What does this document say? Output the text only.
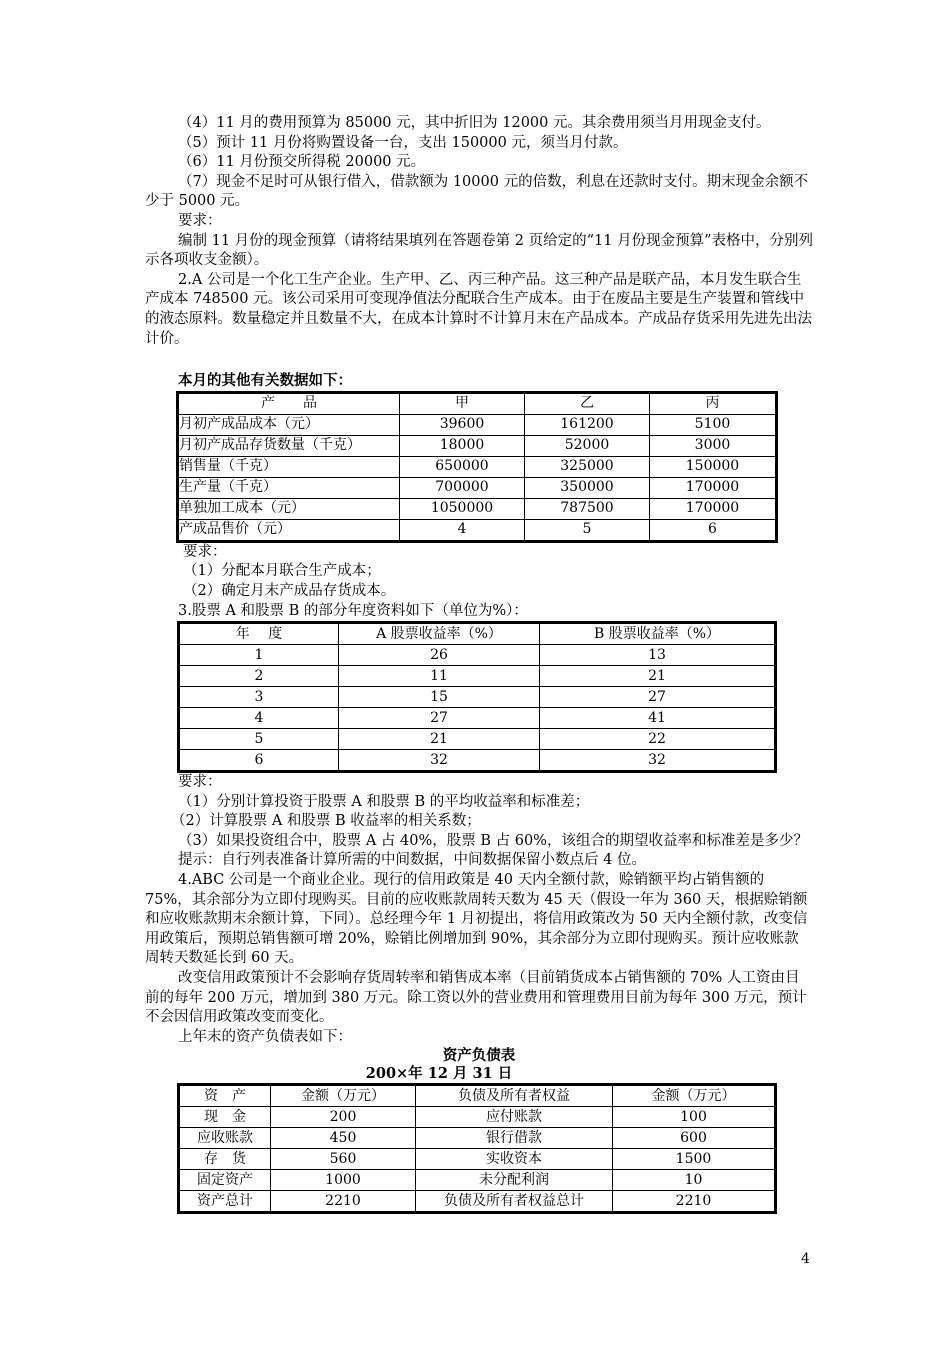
（4）11 月的费用预算为 85000 元，其中折旧为 12000 元。其余费用须当月用现金支付。

（5）预计 11 月份将购置设备一台，支出 150000 元，须当月付款。

（6）11 月份预交所得税 20000 元。

（7）现金不足时可从银行借入，借款额为 10000 元的倍数，利息在还款时支付。期末现金余额不少于 5000 元。

要求：

编制 11 月份的现金预算（请将结果填列在答题卷第 2 页给定的“11 月份现金预算”表格中，分别列示各项收支金额）。

2.A 公司是一个化工生产企业。生产甲、乙、丙三种产品。这三种产品是联产品，本月发生联合生产成本 748500 元。该公司采用可变现净值法分配联合生产成本。由于在废品主要是生产装置和管线中的液态原料。数量稳定并且数量不大，在成本计算时不计算月末在产品成本。产成品存货采用先进先出法计价。

本月的其他有关数据如下：

产　　品	甲	乙	丙
月初产成品成本（元）	39600	161200	5100
月初产成品存货数量（千克）	18000	52000	3000
销售量（千克）	650000	325000	150000
生产量（千克）	700000	350000	170000
单独加工成本（元）	1050000	787500	170000
产成品售价（元）	4	5	6

要求：

（1）分配本月联合生产成本；

（2）确定月末产成品存货成本。

3.股票 A 和股票 B 的部分年度资料如下（单位为%）：

年　 度	A 股票收益率（%）	B 股票收益率（%）
1	26	13
2	11	21
3	15	27
4	27	41
5	21	22
6	32	32

要求：

（1）分别计算投资于股票 A 和股票 B 的平均收益率和标准差；

（2）计算股票 A 和股票 B 收益率的相关系数；

（3）如果投资组合中，股票 A 占 40%，股票 B 占 60%，该组合的期望收益率和标准差是多少？

提示：自行列表准备计算所需的中间数据，中间数据保留小数点后 4 位。

4.ABC 公司是一个商业企业。现行的信用政策是 40 天内全额付款，赊销额平均占销售额的 75%，其余部分为立即付现购买。目前的应收账款周转天数为 45 天（假设一年为 360 天，根据赊销额和应收账款期末余额计算，下同）。总经理今年 1 月初提出，将信用政策改为 50 天内全额付款，改变信用政策后，预期总销售额可增 20%，赊销比例增加到 90%，其余部分为立即付现购买。预计应收账款周转天数延长到 60 天。

改变信用政策预计不会影响存货周转率和销售成本率（目前销货成本占销售额的 70% 人工资由目前的每年 200 万元，增加到 380 万元。除工资以外的营业费用和管理费用目前为每年 300 万元，预计不会因信用政策改变而变化。

上年末的资产负债表如下：

资产负债表

200×年 12 月 31 日

资　产	金额（万元）	负债及所有者权益	金额（万元）
现　金	200	应付账款	100
应收账款	450	银行借款	600
存　货	560	实收资本	1500
固定资产	1000	未分配利润	10
资产总计	2210	负债及所有者权益总计	2210
4
